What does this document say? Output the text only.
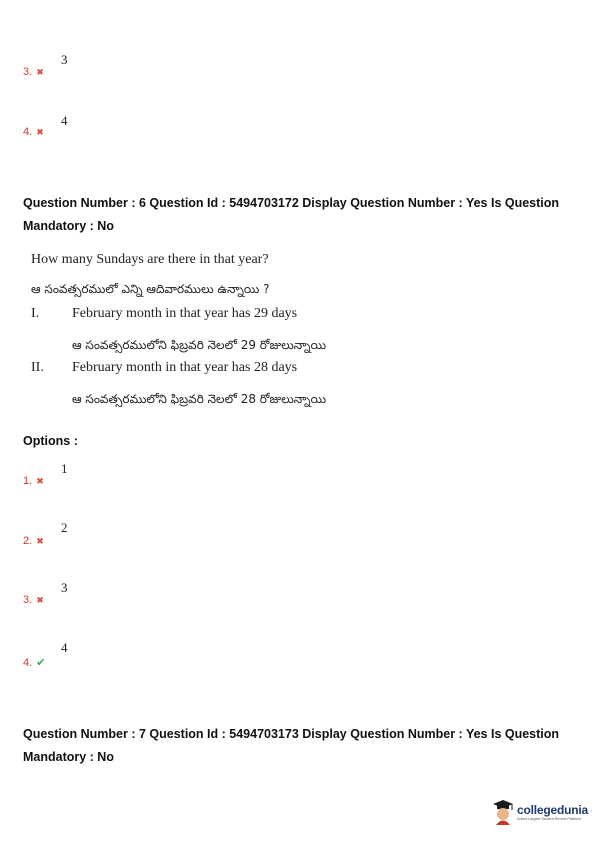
3. ✖
3
4. ✖
4
Question Number : 6 Question Id : 5494703172 Display Question Number : Yes Is Question
Mandatory : No
How many Sundays are there in that year?
ఆ సంవత్సరములో ఎన్ని ఆదివారములు ఉన్నాయి ?
I. February month in that year has 29 days
ఆ సంవత్సరములోని ఫిబ్రవరి నెలలో 29 రోజులున్నాయి
II. February month in that year has 28 days
ఆ సంవత్సరములోని ఫిబ్రవరి నెలలో 28 రోజులున్నాయి
Options :
1. ✖
1
2. ✖
2
3. ✖
3
4. ✔
4
Question Number : 7 Question Id : 5494703173 Display Question Number : Yes Is Question
Mandatory : No
collegedunia
India's Largest Student Review Platform
